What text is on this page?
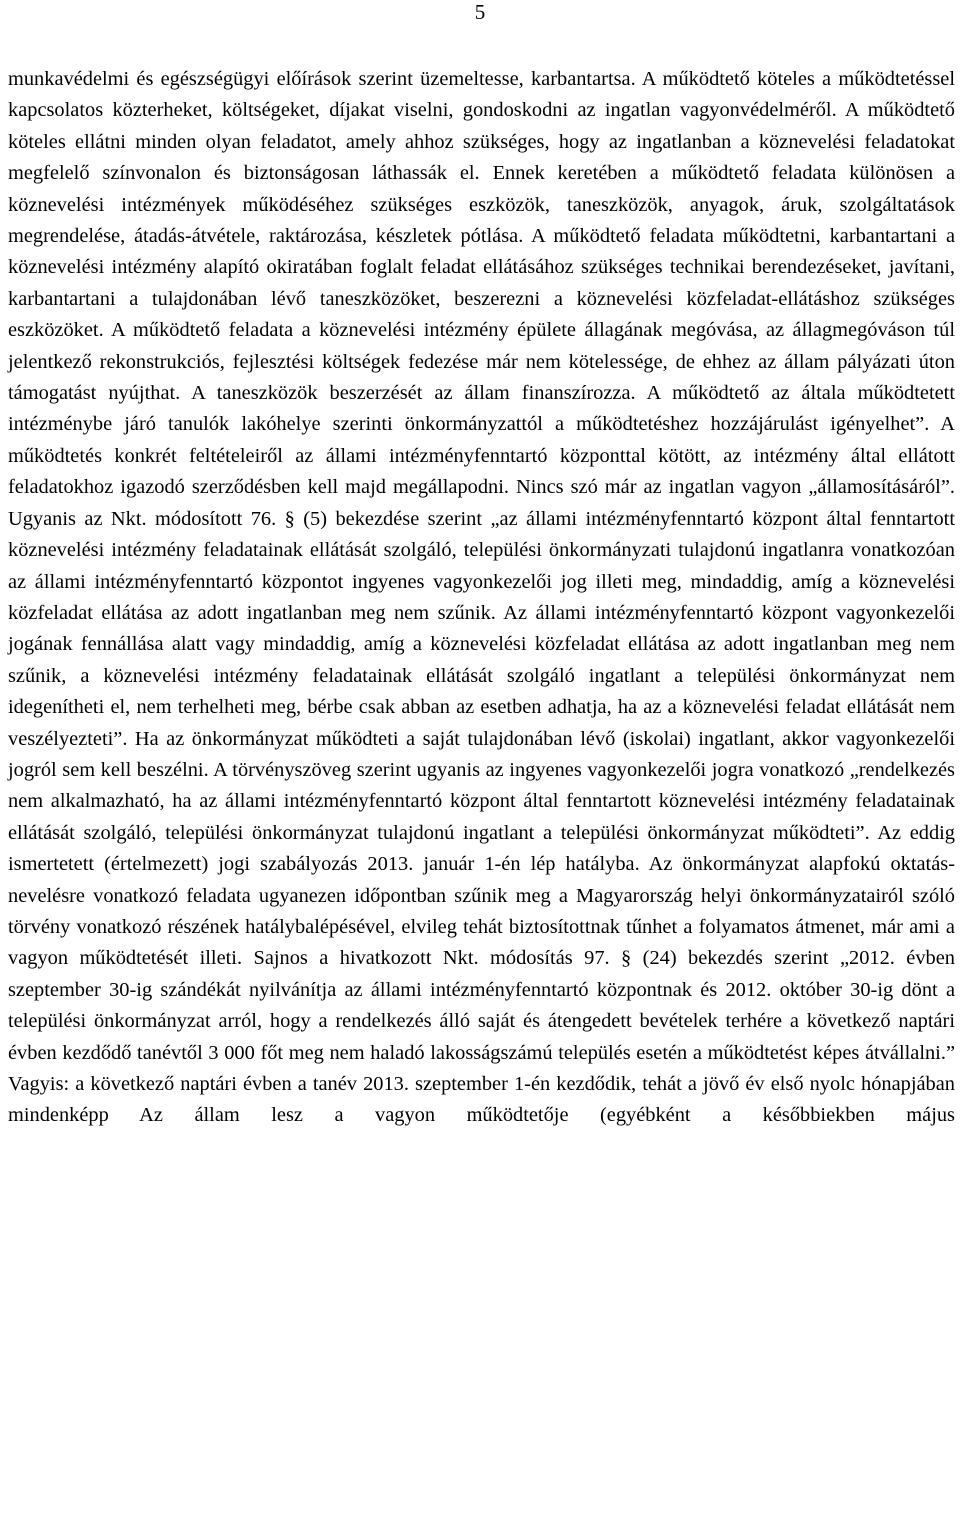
5

munkavédelmi és egészségügyi előírások szerint üzemeltesse, karbantartsa. A működtető köteles a működtetéssel kapcsolatos közterheket, költségeket, díjakat viselni, gondoskodni az ingatlan vagyonvédelméről. A működtető köteles ellátni minden olyan feladatot, amely ahhoz szükséges, hogy az ingatlanban a köznevelési feladatokat megfelelő színvonalon és biztonságosan láthassák el. Ennek keretében a működtető feladata különösen a köznevelési intézmények működéséhez szükséges eszközök, taneszközök, anyagok, áruk, szolgáltatások megrendelése, átadás-átvétele, raktározása, készletek pótlása. A működtető feladata működtetni, karbantartani a köznevelési intézmény alapító okiratában foglalt feladat ellátásához szükséges technikai berendezéseket, javítani, karbantartani a tulajdonában lévő taneszközöket, beszerezni a köznevelési közfeladat-ellátáshoz szükséges eszközöket. A működtető feladata a köznevelési intézmény épülete állagának megóvása, az állagmegóváson túl jelentkező rekonstrukciós, fejlesztési költségek fedezése már nem kötelessége, de ehhez az állam pályázati úton támogatást nyújthat. A taneszközök beszerzését az állam finanszírozza. A működtető az általa működtetett intézménybe járó tanulók lakóhelye szerinti önkormányzattól a működtetéshez hozzájárulást igényelhet”. A működtetés konkrét feltételeiről az állami intézményfenntartó központtal kötött, az intézmény által ellátott feladatokhoz igazodó szerződésben kell majd megállapodni. Nincs szó már az ingatlan vagyon „államosításáról”. Ugyanis az Nkt. módosított 76. § (5) bekezdése szerint „az állami intézményfenntartó központ által fenntartott köznevelési intézmény feladatainak ellátását szolgáló, települési önkormányzati tulajdonú ingatlanra vonatkozóan az állami intézményfenntartó központot ingyenes vagyonkezelői jog illeti meg, mindaddig, amíg a köznevelési közfeladat ellátása az adott ingatlanban meg nem szűnik. Az állami intézményfenntartó központ vagyonkezelői jogának fennállása alatt vagy mindaddig, amíg a köznevelési közfeladat ellátása az adott ingatlanban meg nem szűnik, a köznevelési intézmény feladatainak ellátását szolgáló ingatlant a települési önkormányzat nem idegenítheti el, nem terhelheti meg, bérbe csak abban az esetben adhatja, ha az a köznevelési feladat ellátását nem veszélyezteti”. Ha az önkormányzat működteti a saját tulajdonában lévő (iskolai) ingatlant, akkor vagyonkezelői jogról sem kell beszélni. A törvényszöveg szerint ugyanis az ingyenes vagyonkezelői jogra vonatkozó „rendelkezés nem alkalmazható, ha az állami intézményfenntartó központ által fenntartott köznevelési intézmény feladatainak ellátását szolgáló, települési önkormányzat tulajdonú ingatlant a települési önkormányzat működteti”. Az eddig ismertetett (értelmezett) jogi szabályozás 2013. január 1-én lép hatályba. Az önkormányzat alapfokú oktatás-nevelésre vonatkozó feladata ugyanezen időpontban szűnik meg a Magyarország helyi önkormányzatairól szóló törvény vonatkozó részének hatálybalépésével, elvileg tehát biztosítottnak tűnhet a folyamatos átmenet, már ami a vagyon működtetését illeti. Sajnos a hivatkozott Nkt. módosítás 97. § (24) bekezdés szerint „2012. évben szeptember 30-ig szándékát nyilvánítja az állami intézményfenntartó központnak és 2012. október 30-ig dönt a települési önkormányzat arról, hogy a rendelkezés álló saját és átengedett bevételek terhére a következő naptári évben kezdődő tanévtől 3 000 főt meg nem haladó lakosságszámú település esetén a működtetést képes átvállalni.” Vagyis: a következő naptári évben a tanév 2013. szeptember 1-én kezdődik, tehát a jövő év első nyolc hónapjában mindenképp Az állam lesz a vagyon működtetője (egyébként a későbbiekben május
